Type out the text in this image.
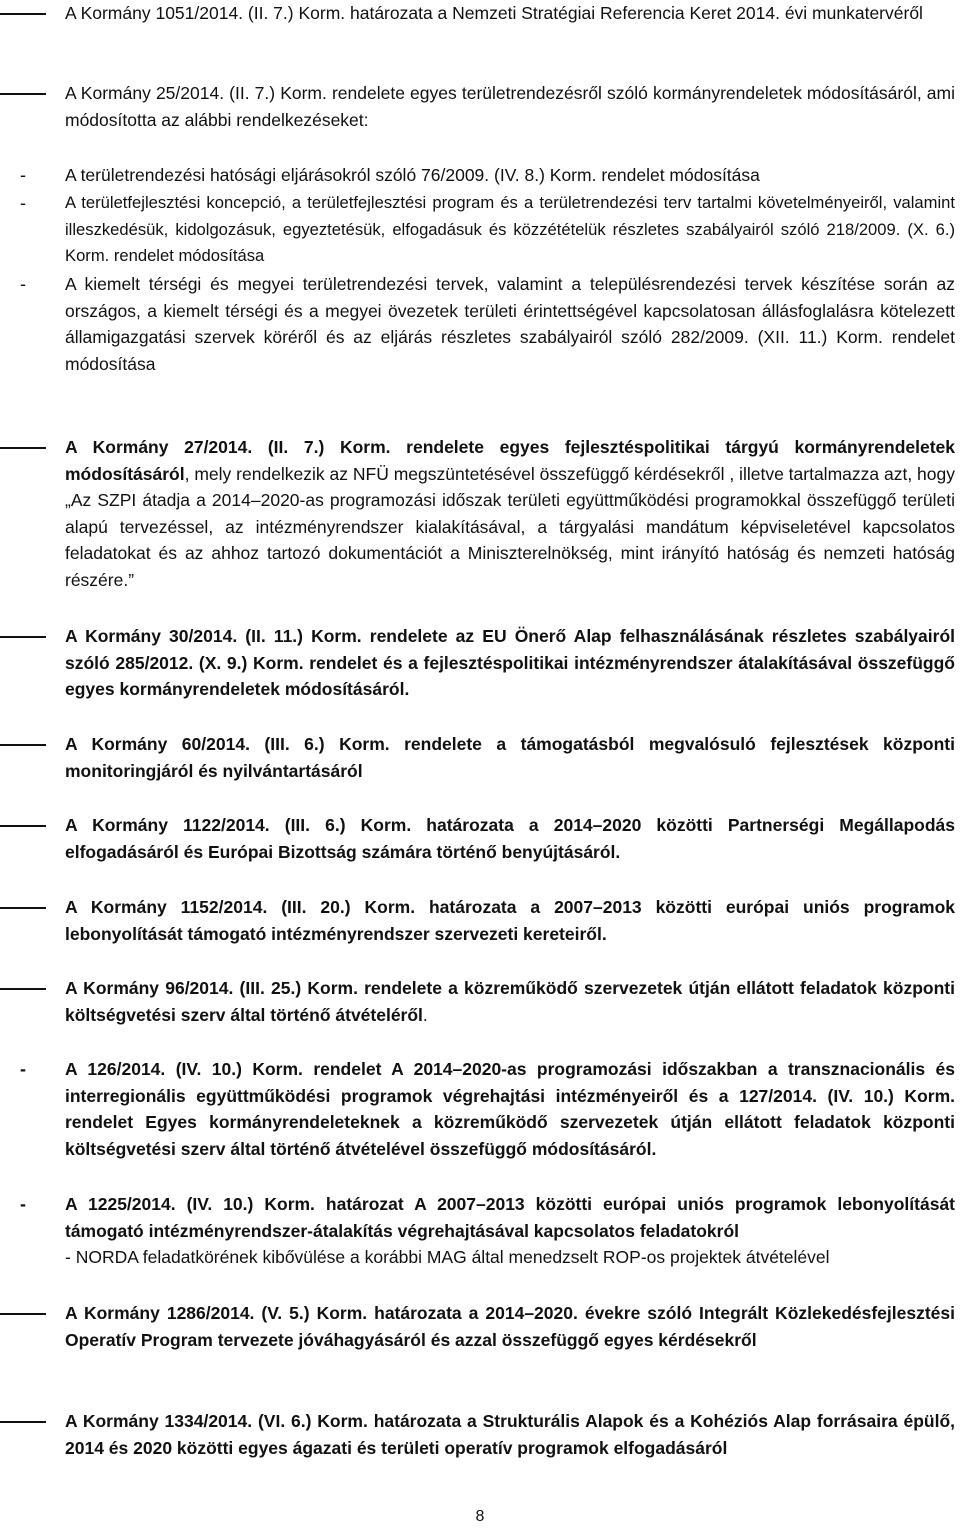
A Kormány 1051/2014. (II. 7.) Korm. határozata a Nemzeti Stratégiai Referencia Keret 2014. évi munkatervéről

A Kormány 25/2014. (II. 7.) Korm. rendelete egyes területrendezésről szóló kormányrendeletek módosításáról, ami módosította az alábbi rendelkezéseket:

- A területrendezési hatósági eljárásokról szóló 76/2009. (IV. 8.) Korm. rendelet módosítása

- A területfejlesztési koncepció, a területfejlesztési program és a területrendezési terv tartalmi követelményeiről, valamint illeszkedésük, kidolgozásuk, egyeztetésük, elfogadásuk és közzétételük részletes szabályairól szóló 218/2009. (X. 6.) Korm. rendelet módosítása

- A kiemelt térségi és megyei területrendezési tervek, valamint a településrendezési tervek készítése során az országos, a kiemelt térségi és a megyei övezetek területi érintettségével kapcsolatosan állásfoglalásra kötelezett államigazgatási szervek köréről és az eljárás részletes szabályairól szóló 282/2009. (XII. 11.) Korm. rendelet módosítása

A Kormány 27/2014. (II. 7.) Korm. rendelete egyes fejlesztéspolitikai tárgyú kormányrendeletek módosításáról, mely rendelkezik az NFÜ megszüntetésével összefüggő kérdésekről , illetve tartalmazza azt, hogy „Az SZPI átadja a 2014–2020-as programozási időszak területi együttműködési programokkal összefüggő területi alapú tervezéssel, az intézményrendszer kialakításával, a tárgyalási mandátum képviseletével kapcsolatos feladatokat és az ahhoz tartozó dokumentációt a Miniszterelnökség, mint irányító hatóság és nemzeti hatóság részére.”

A Kormány 30/2014. (II. 11.) Korm. rendelete az EU Önerő Alap felhasználásának részletes szabályairól szóló 285/2012. (X. 9.) Korm. rendelet és a fejlesztéspolitikai intézményrendszer átalakításával összefüggő egyes kormányrendeletek módosításáról.

A Kormány 60/2014. (III. 6.) Korm. rendelete a támogatásból megvalósuló fejlesztések központi monitoringjáról és nyilvántartásáról

A Kormány 1122/2014. (III. 6.) Korm. határozata a 2014–2020 közötti Partnerségi Megállapodás elfogadásáról és Európai Bizottság számára történő benyújtásáról.

A Kormány 1152/2014. (III. 20.) Korm. határozata a 2007–2013 közötti európai uniós programok lebonyolítását támogató intézményrendszer szervezeti kereteiről.

A Kormány 96/2014. (III. 25.) Korm. rendelete a közreműködő szervezetek útján ellátott feladatok központi költségvetési szerv által történő átvételéről.

- A 126/2014. (IV. 10.) Korm. rendelet A 2014–2020-as programozási időszakban a transznacionális és interregionális együttműködési programok végrehajtási intézményeiről és a 127/2014. (IV. 10.) Korm. rendelet Egyes kormányrendeleteknek a közreműködő szervezetek útján ellátott feladatok központi költségvetési szerv által történő átvételével összefüggő módosításáról.

- A 1225/2014. (IV. 10.) Korm. határozat A 2007–2013 közötti európai uniós programok lebonyolítását támogató intézményrendszer-átalakítás végrehajtásával kapcsolatos feladatokról

- NORDA feladatkörének kibővülése a korábbi MAG által menedzselt ROP-os projektek átvételével

A Kormány 1286/2014. (V. 5.) Korm. határozata a 2014–2020. évekre szóló Integrált Közlekedésfejlesztési Operatív Program tervezete jóváhagyásáról és azzal összefüggő egyes kérdésekről

A Kormány 1334/2014. (VI. 6.) Korm. határozata a Strukturális Alapok és a Kohéziós Alap forrásaira épülő, 2014 és 2020 közötti egyes ágazati és területi operatív programok elfogadásáról

8
